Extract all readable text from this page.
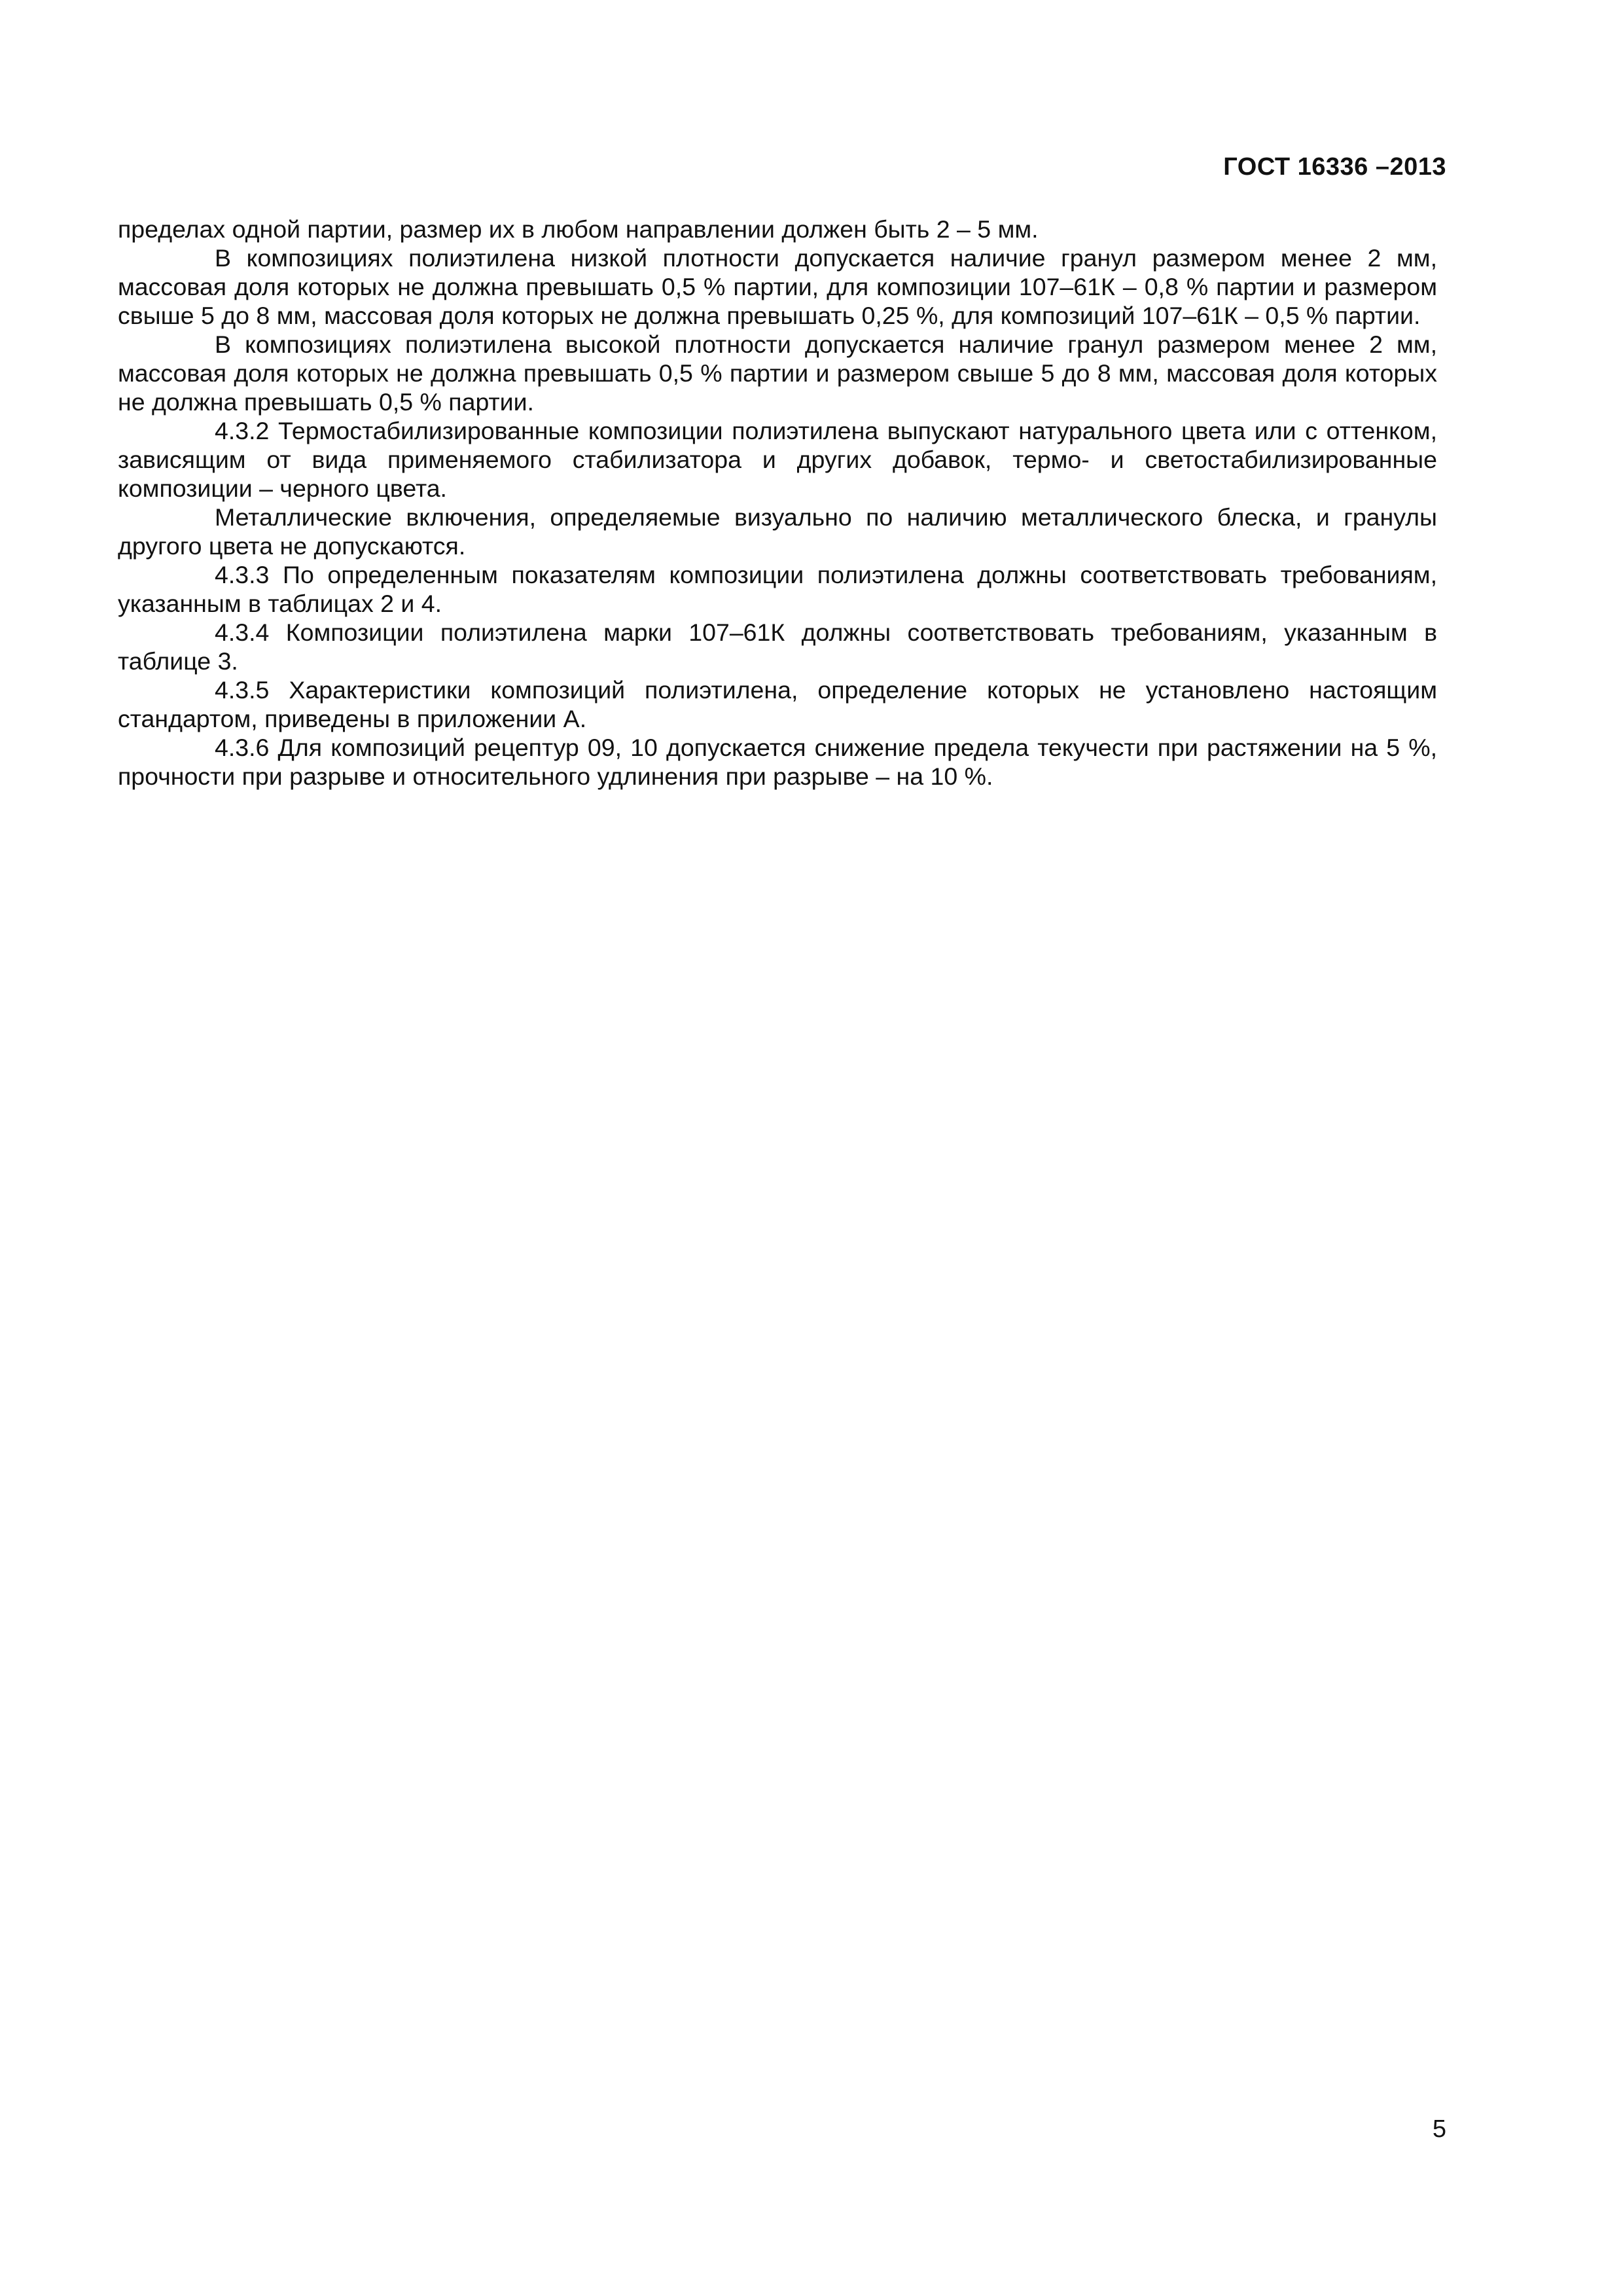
ГОСТ 16336 –2013

пределах одной партии, размер их в любом направлении должен быть 2 – 5 мм.

В композициях полиэтилена низкой плотности допускается наличие гранул размером менее 2 мм, массовая доля которых не должна превышать 0,5 % партии, для композиции 107–61К – 0,8 % партии и размером свыше 5 до 8 мм, массовая доля которых не должна превышать 0,25 %, для композиций 107–61К – 0,5 % партии.

В композициях полиэтилена высокой плотности допускается наличие гранул размером менее 2 мм, массовая доля которых не должна превышать 0,5 % партии и размером свыше 5 до 8 мм, массовая доля которых не должна превышать 0,5 % партии.

4.3.2 Термостабилизированные композиции полиэтилена выпускают натурального цвета или с оттенком, зависящим от вида применяемого стабилизатора и других добавок, термо- и светостабилизированные композиции – черного цвета.

Металлические включения, определяемые визуально по наличию металлического блеска, и гранулы другого цвета не допускаются.

4.3.3 По определенным показателям композиции полиэтилена должны соответствовать требованиям, указанным в таблицах 2 и 4.

4.3.4 Композиции полиэтилена марки 107–61К должны соответствовать требованиям, указанным в таблице 3.

4.3.5 Характеристики композиций полиэтилена, определение которых не установлено настоящим стандартом, приведены в приложении А.

4.3.6 Для композиций рецептур 09, 10 допускается снижение предела текучести при растяжении на 5 %, прочности при разрыве и относительного удлинения при разрыве – на 10 %.

5
